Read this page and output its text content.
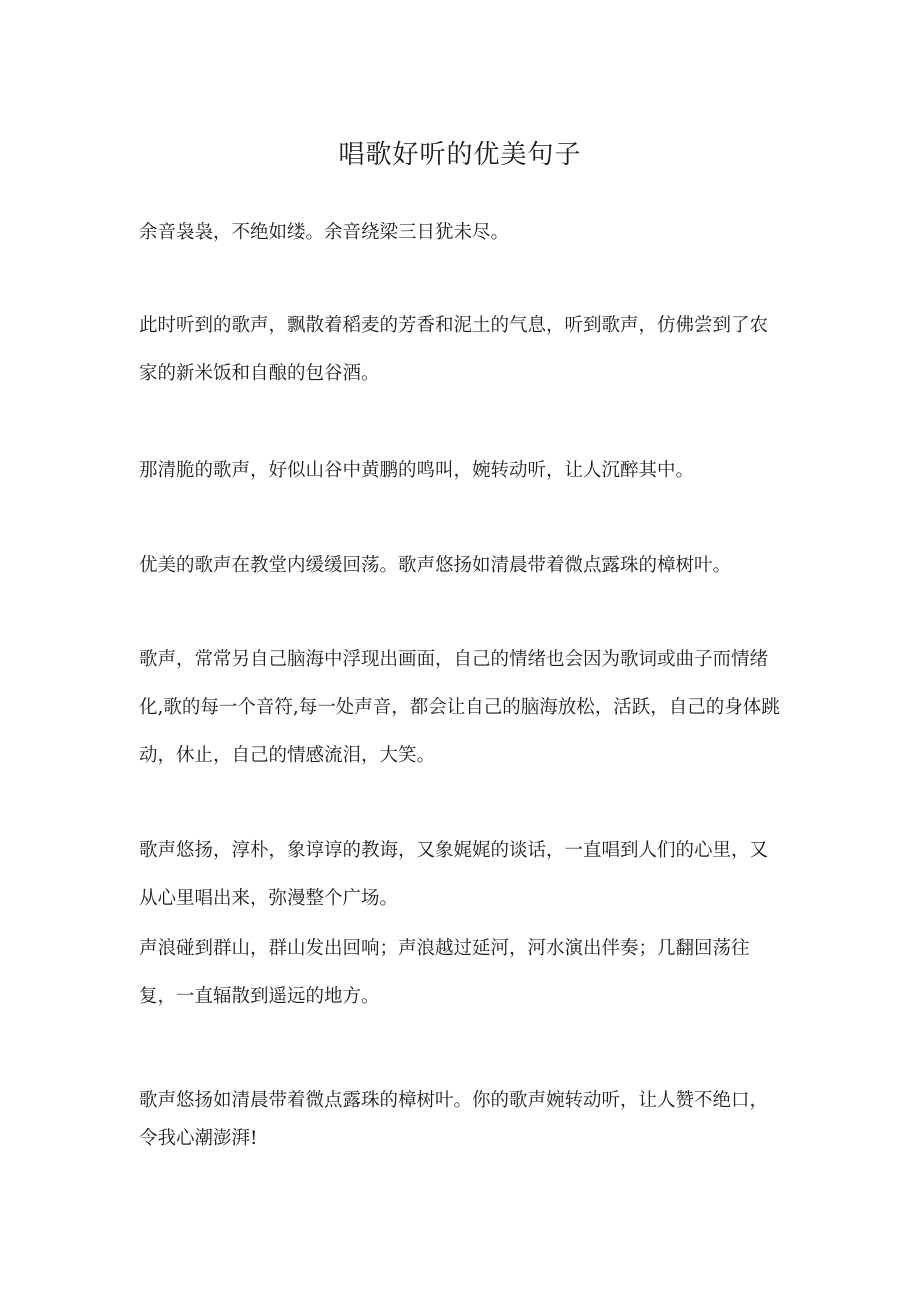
唱歌好听的优美句子

余音袅袅，不绝如缕。余音绕梁三日犹未尽。

此时听到的歌声，飘散着稻麦的芳香和泥土的气息，听到歌声，仿佛尝到了农家的新米饭和自酿的包谷酒。

那清脆的歌声，好似山谷中黄鹏的鸣叫，婉转动听，让人沉醉其中。

优美的歌声在教堂内缓缓回荡。歌声悠扬如清晨带着微点露珠的樟树叶。

歌声，常常另自己脑海中浮现出画面，自己的情绪也会因为歌词或曲子而情绪化,歌的每一个音符,每一处声音，都会让自己的脑海放松，活跃，自己的身体跳动，休止，自己的情感流泪，大笑。

歌声悠扬，淳朴，象谆谆的教诲，又象娓娓的谈话，一直唱到人们的心里，又从心里唱出来，弥漫整个广场。

声浪碰到群山，群山发出回响；声浪越过延河，河水演出伴奏；几翻回荡往复，一直辐散到遥远的地方。

歌声悠扬如清晨带着微点露珠的樟树叶。你的歌声婉转动听，让人赞不绝口，令我心潮澎湃!
